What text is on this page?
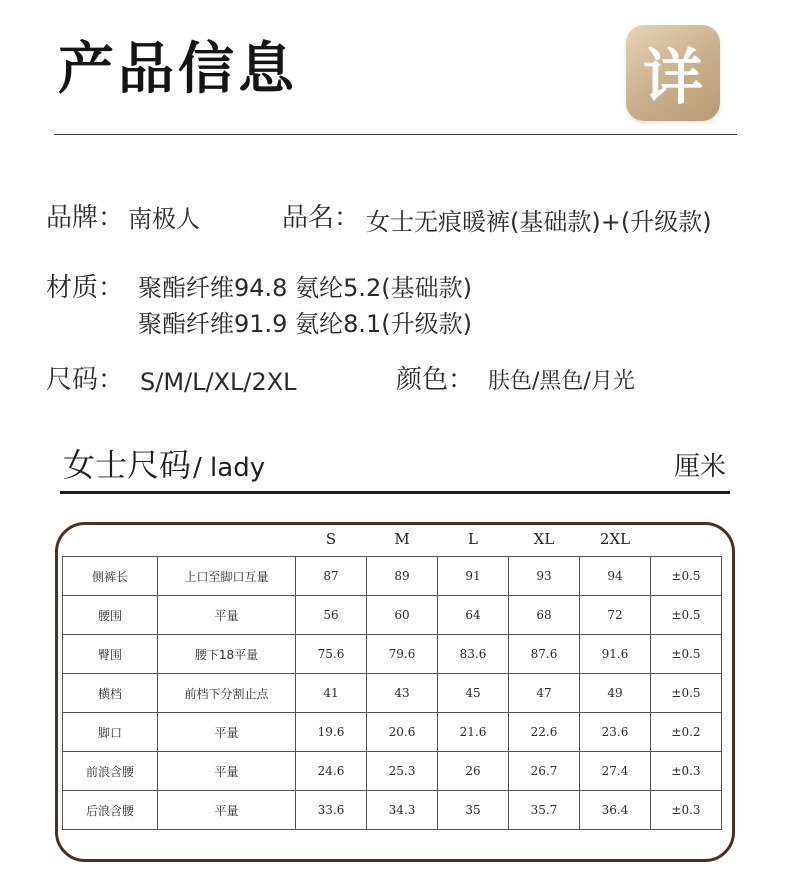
产品信息	详
品牌： 南极人	品名： 女士无痕暖裤(基础款)+(升级款)
材质： 聚酯纤维94.8 氨纶5.2(基础款)
聚酯纤维91.9 氨纶8.1(升级款)
尺码： S/M/L/XL/2XL	颜色： 肤色/黑色/月光
女士尺码/ lady	厘米
		S	M	L	XL	2XL	
侧裤长	上口至脚口互量	87	89	91	93	94	±0.5
腰围	平量	56	60	64	68	72	±0.5
臀围	腰下18平量	75.6	79.6	83.6	87.6	91.6	±0.5
横档	前档下分割止点	41	43	45	47	49	±0.5
脚口	平量	19.6	20.6	21.6	22.6	23.6	±0.2
前浪含腰	平量	24.6	25.3	26	26.7	27.4	±0.3
后浪含腰	平量	33.6	34.3	35	35.7	36.4	±0.3
